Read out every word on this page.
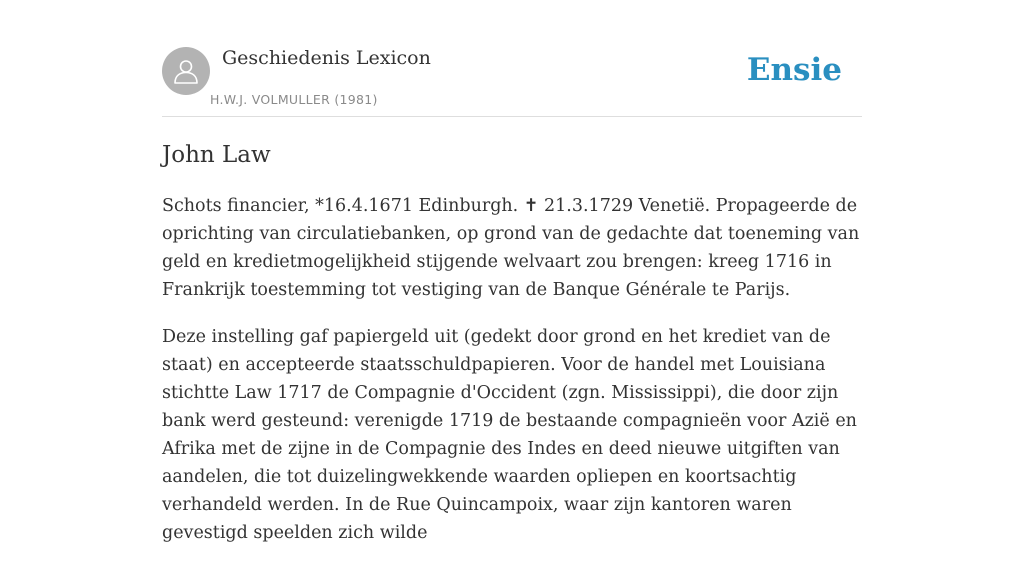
Geschiedenis Lexicon
H.W.J. VOLMULLER (1981)
Ensie
John Law

Schots financier, *16.4.1671 Edinburgh. ✝ 21.3.1729 Venetië. Propageerde de oprichting van circulatiebanken, op grond van de gedachte dat toeneming van geld en kredietmogelijkheid stijgende welvaart zou brengen: kreeg 1716 in Frankrijk toestemming tot vestiging van de Banque Générale te Parijs.

Deze instelling gaf papiergeld uit (gedekt door grond en het krediet van de staat) en accepteerde staatsschuldpapieren. Voor de handel met Louisiana stichtte Law 1717 de Compagnie d'Occident (zgn. Mississippi), die door zijn bank werd gesteund: verenigde 1719 de bestaande compagnieën voor Azië en Afrika met de zijne in de Compagnie des Indes en deed nieuwe uitgiften van aandelen, die tot duizelingwekkende waarden opliepen en koortsachtig verhandeld werden. In de Rue Quincampoix, waar zijn kantoren waren gevestigd speelden zich wilde
